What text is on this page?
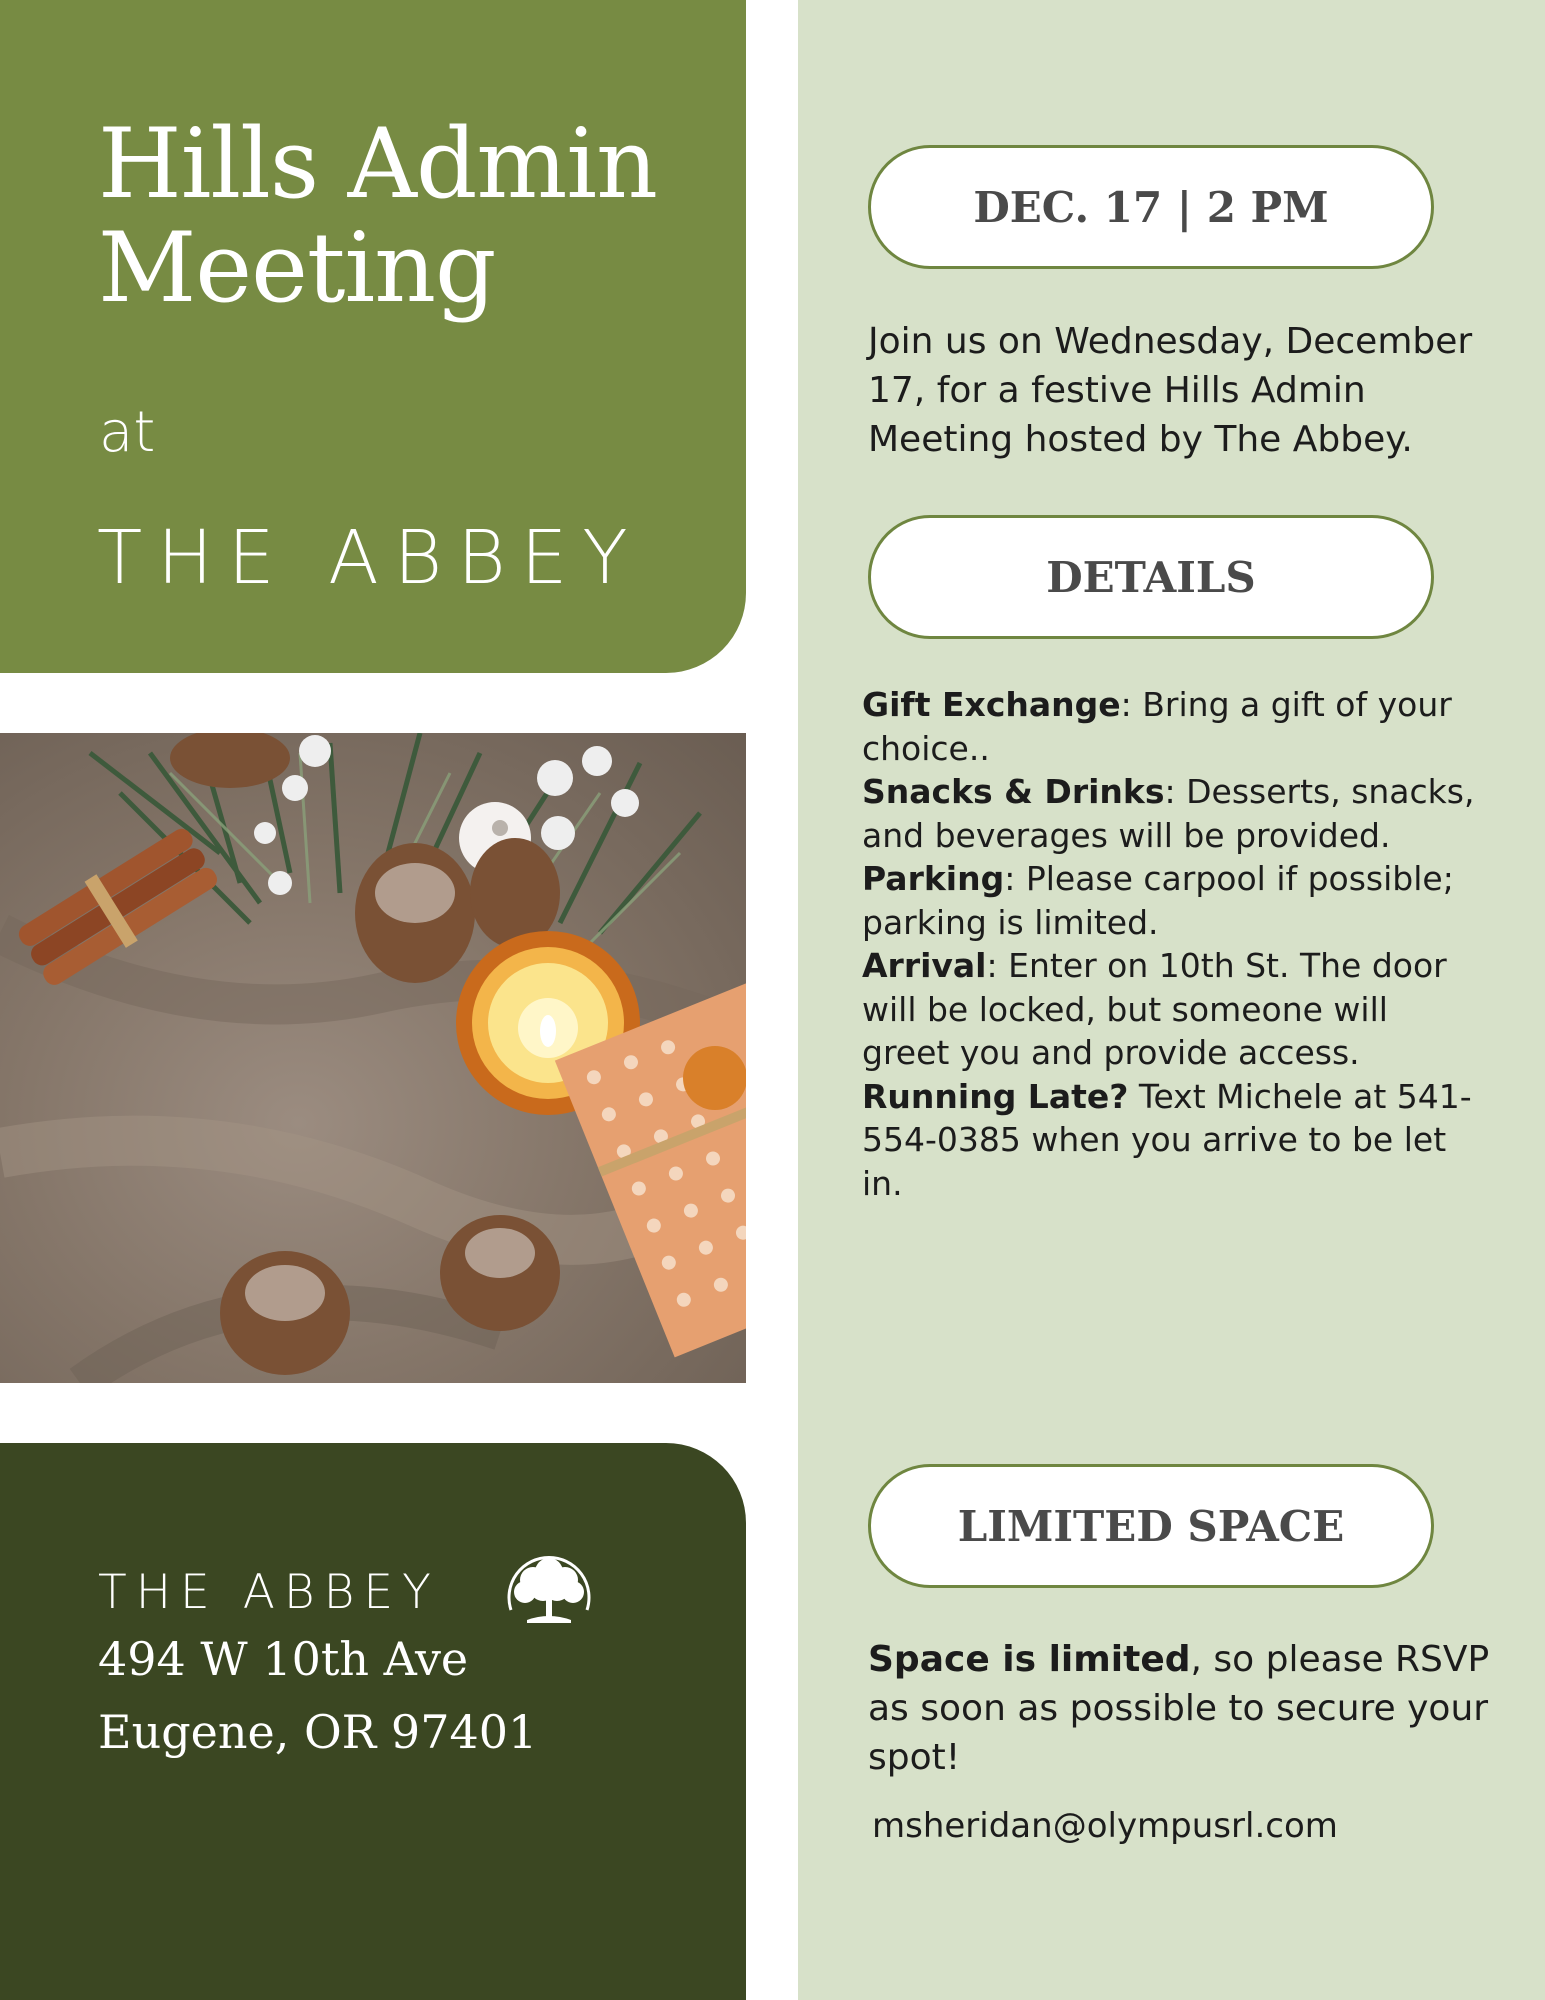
Hills Admin Meeting
at
THE ABBEY
THE ABBEY
494 W 10th Ave
Eugene, OR 97401
DEC. 17 | 2 PM
Join us on Wednesday, December 17, for a festive Hills Admin Meeting hosted by The Abbey.
DETAILS
Gift Exchange: Bring a gift of your choice..
Snacks & Drinks: Desserts, snacks, and beverages will be provided.
Parking: Please carpool if possible; parking is limited.
Arrival: Enter on 10th St. The door will be locked, but someone will greet you and provide access.
Running Late? Text Michele at 541-554-0385 when you arrive to be let in.
LIMITED SPACE
Space is limited, so please RSVP as soon as possible to secure your spot!
msheridan@olympusrl.com
